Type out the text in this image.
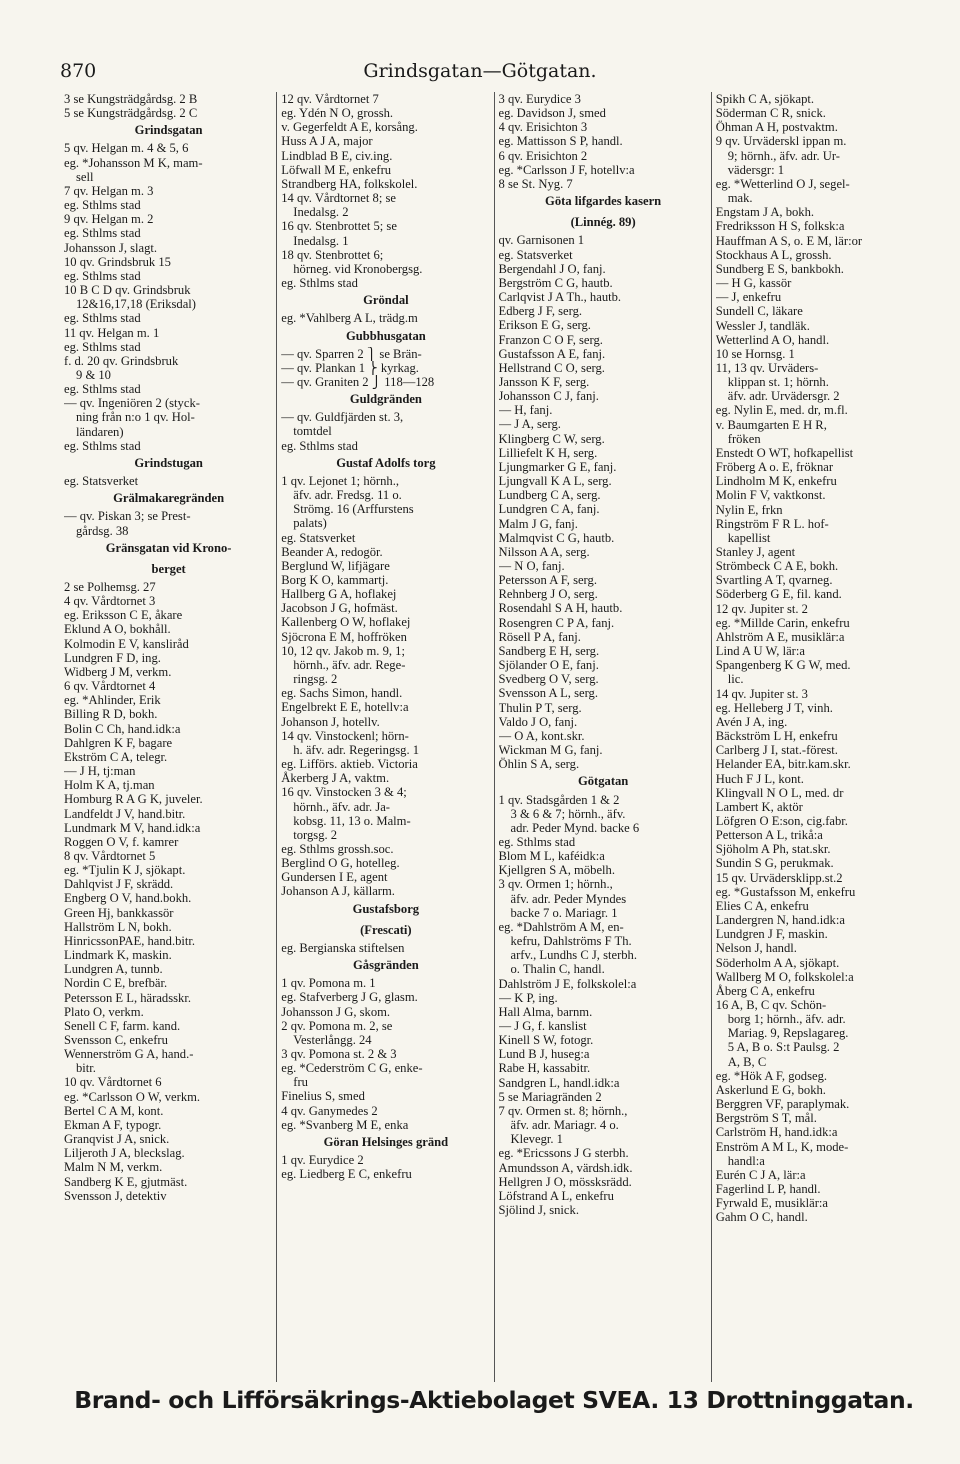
870	Grindsgatan—Götgatan.
3 se Kungsträdgårdsg. 2 B
5 se Kungsträdgårdsg. 2 C
Grindsgatan
5 qv. Helgan m. 4 & 5, 6
eg. *Johansson M K, mam-
sell
7 qv. Helgan m. 3
eg. Sthlms stad
9 qv. Helgan m. 2
eg. Sthlms stad
Johansson J, slagt.
10 qv. Grindsbruk 15
eg. Sthlms stad
10 B C D qv. Grindsbruk
12&16,17,18 (Eriksdal)
eg. Sthlms stad
11 qv. Helgan m. 1
eg. Sthlms stad
f. d. 20 qv. Grindsbruk
9 & 10
eg. Sthlms stad
— qv. Ingeniören 2 (styck-
ning från n:o 1 qv. Hol-
ländaren)
eg. Sthlms stad
Grindstugan
eg. Statsverket
Grälmakaregränden
— qv. Piskan 3; se Prest-
gårdsg. 38
Gränsgatan vid Krono-
berget
2 se Polhemsg. 27
4 qv. Vårdtornet 3
eg. Eriksson C E, åkare
Eklund A O, bokhåll.
Kolmodin E V, kansliråd
Lundgren F D, ing.
Widberg J M, verkm.
6 qv. Vårdtornet 4
eg. *Ahlinder, Erik
Billing R D, bokh.
Bolin C Ch, hand.idk:a
Dahlgren K F, bagare
Ekström C A, telegr.
— J H, tj:man
Holm K A, tj.man
Homburg R A G K, juveler.
Landfeldt J V, hand.bitr.
Lundmark M V, hand.idk:a
Roggen O V, f. kamrer
8 qv. Vårdtornet 5
eg. *Tjulin K J, sjökapt.
Dahlqvist J F, skrädd.
Engberg O V, hand.bokh.
Green Hj, bankkassör
Hallström L N, bokh.
HinricssonPAE, hand.bitr.
Lindmark K, maskin.
Lundgren A, tunnb.
Nordin C E, brefbär.
Petersson E L, häradsskr.
Plato O, verkm.
Senell C F, farm. kand.
Svensson C, enkefru
Wennerström G A, hand.-
bitr.
10 qv. Vårdtornet 6
eg. *Carlsson O W, verkm.
Bertel C A M, kont.
Ekman A F, typogr.
Granqvist J A, snick.
Liljeroth J A, bleckslag.
Malm N M, verkm.
Sandberg K E, gjutmäst.
Svensson J, detektiv
12 qv. Vårdtornet 7
eg. Ydén N O, grossh.
v. Gegerfeldt A E, korsång.
Huss A J A, major
Lindblad B E, civ.ing.
Löfwall M E, enkefru
Strandberg HA, folkskolel.
14 qv. Vårdtornet 8; se
Inedalsg. 2
16 qv. Stenbrottet 5; se
Inedalsg. 1
18 qv. Stenbrottet 6;
hörneg. vid Kronobergsg.
eg. Sthlms stad
Gröndal
eg. *Vahlberg A L, trädg.m
Gubbhusgatan
— qv. Sparren 2 ⎫ se Brän-
— qv. Plankan 1 ⎬ kyrkag.
— qv. Graniten 2 ⎭ 118—128
Guldgränden
— qv. Guldfjärden st. 3,
tomtdel
eg. Sthlms stad
Gustaf Adolfs torg
1 qv. Lejonet 1; hörnh.,
äfv. adr. Fredsg. 11 o.
Strömg. 16 (Arffurstens
palats)
eg. Statsverket
Beander A, redogör.
Berglund W, lifjägare
Borg K O, kammartj.
Hallberg G A, hoflakej
Jacobson J G, hofmäst.
Kallenberg O W, hoflakej
Sjöcrona E M, hoffröken
10, 12 qv. Jakob m. 9, 1;
hörnh., äfv. adr. Rege-
ringsg. 2
eg. Sachs Simon, handl.
Engelbrekt E E, hotellv:a
Johanson J, hotellv.
14 qv. Vinstockenl; hörn-
h. äfv. adr. Regeringsg. 1
eg. Lifförs. aktieb. Victoria
Åkerberg J A, vaktm.
16 qv. Vinstocken 3 & 4;
hörnh., äfv. adr. Ja-
kobsg. 11, 13 o. Malm-
torgsg. 2
eg. Sthlms grossh.soc.
Berglind O G, hotelleg.
Gundersen I E, agent
Johanson A J, källarm.
Gustafsborg
(Frescati)
eg. Bergianska stiftelsen
Gåsgränden
1 qv. Pomona m. 1
eg. Stafverberg J G, glasm.
Johansson J G, skom.
2 qv. Pomona m. 2, se
Vesterlångg. 24
3 qv. Pomona st. 2 & 3
eg. *Cederström C G, enke-
fru
Finelius S, smed
4 qv. Ganymedes 2
eg. *Svanberg M E, enka
Göran Helsinges gränd
1 qv. Eurydice 2
eg. Liedberg E C, enkefru
3 qv. Eurydice 3
eg. Davidson J, smed
4 qv. Erisichton 3
eg. Mattisson S P, handl.
6 qv. Erisichton 2
eg. *Carlsson J F, hotellv:a
8 se St. Nyg. 7
Göta lifgardes kasern
(Linnég. 89)
qv. Garnisonen 1
eg. Statsverket
Bergendahl J O, fanj.
Bergström C G, hautb.
Carlqvist J A Th., hautb.
Edberg J F, serg.
Erikson E G, serg.
Franzon C O F, serg.
Gustafsson A E, fanj.
Hellstrand C O, serg.
Jansson K F, serg.
Johansson C J, fanj.
— H, fanj.
— J A, serg.
Klingberg C W, serg.
Lilliefelt K H, serg.
Ljungmarker G E, fanj.
Ljungvall K A L, serg.
Lundberg C A, serg.
Lundgren C A, fanj.
Malm J G, fanj.
Malmqvist C G, hautb.
Nilsson A A, serg.
— N O, fanj.
Petersson A F, serg.
Rehnberg J O, serg.
Rosendahl S A H, hautb.
Rosengren C P A, fanj.
Rösell P A, fanj.
Sandberg E H, serg.
Sjölander O E, fanj.
Svedberg O V, serg.
Svensson A L, serg.
Thulin P T, serg.
Valdo J O, fanj.
— O A, kont.skr.
Wickman M G, fanj.
Öhlin S A, serg.
Götgatan
1 qv. Stadsgården 1 & 2
3 & 6 & 7; hörnh., äfv.
adr. Peder Mynd. backe 6
eg. Sthlms stad
Blom M L, kaféidk:a
Kjellgren S A, möbelh.
3 qv. Ormen 1; hörnh.,
äfv. adr. Peder Myndes
backe 7 o. Mariagr. 1
eg. *Dahlström A M, en-
kefru, Dahlströms F Th.
arfv., Lundhs C J, sterbh.
o. Thalin C, handl.
Dahlström J E, folkskolel:a
— K P, ing.
Hall Alma, barnm.
— J G, f. kanslist
Kinell S W, fotogr.
Lund B J, huseg:a
Rabe H, kassabitr.
Sandgren L, handl.idk:a
5 se Mariagränden 2
7 qv. Ormen st. 8; hörnh.,
äfv. adr. Mariagr. 4 o.
Klevegr. 1
eg. *Ericssons J G sterbh.
Amundsson A, värdsh.idk.
Hellgren J O, mössksrädd.
Löfstrand A L, enkefru
Sjölind J, snick.
Spikh C A, sjökapt.
Söderman C R, snick.
Öhman A H, postvaktm.
9 qv. Urväderskl ippan m.
9; hörnh., äfv. adr. Ur-
vädersgr: 1
eg. *Wetterlind O J, segel-
mak.
Engstam J A, bokh.
Fredriksson H S, folksk:a
Hauffman A S, o. E M, lär:or
Stockhaus A L, grossh.
Sundberg E S, bankbokh.
— H G, kassör
— J, enkefru
Sundell C, läkare
Wessler J, tandläk.
Wetterlind A O, handl.
10 se Hornsg. 1
11, 13 qv. Urväders-
klippan st. 1; hörnh.
äfv. adr. Urvädersgr. 2
eg. Nylin E, med. dr, m.fl.
v. Baumgarten E H R,
fröken
Enstedt O WT, hofkapellist
Fröberg A o. E, fröknar
Lindholm M K, enkefru
Molin F V, vaktkonst.
Nylin E, frkn
Ringström F R L. hof-
kapellist
Stanley J, agent
Strömbeck C A E, bokh.
Svartling A T, qvarneg.
Söderberg G E, fil. kand.
12 qv. Jupiter st. 2
eg. *Millde Carin, enkefru
Ahlström A E, musiklär:a
Lind A U W, lär:a
Spangenberg K G W, med.
lic.
14 qv. Jupiter st. 3
eg. Helleberg J T, vinh.
Avén J A, ing.
Bäckström L H, enkefru
Carlberg J I, stat.-förest.
Helander EA, bitr.kam.skr.
Huch F J L, kont.
Klingvall N O L, med. dr
Lambert K, aktör
Löfgren O E:son, cig.fabr.
Petterson A L, trikå:a
Sjöholm A Ph, stat.skr.
Sundin S G, perukmak.
15 qv. Urvädersklipp.st.2
eg. *Gustafsson M, enkefru
Elies C A, enkefru
Landergren N, hand.idk:a
Lundgren J F, maskin.
Nelson J, handl.
Söderholm A A, sjökapt.
Wallberg M O, folkskolel:a
Åberg C A, enkefru
16 A, B, C qv. Schön-
borg 1; hörnh., äfv. adr.
Mariag. 9, Repslagareg.
5 A, B o. S:t Paulsg. 2
A, B, C
eg. *Hök A F, godseg.
Askerlund E G, bokh.
Berggren VF, paraplymak.
Bergström S T, mål.
Carlström H, hand.idk:a
Enström A M L, K, mode-
handl:a
Eurén C J A, lär:a
Fagerlind L P, handl.
Fyrwald E, musiklär:a
Gahm O C, handl.
Brand- och Lifförsäkrings-Aktiebolaget SVEA. 13 Drottninggatan.
